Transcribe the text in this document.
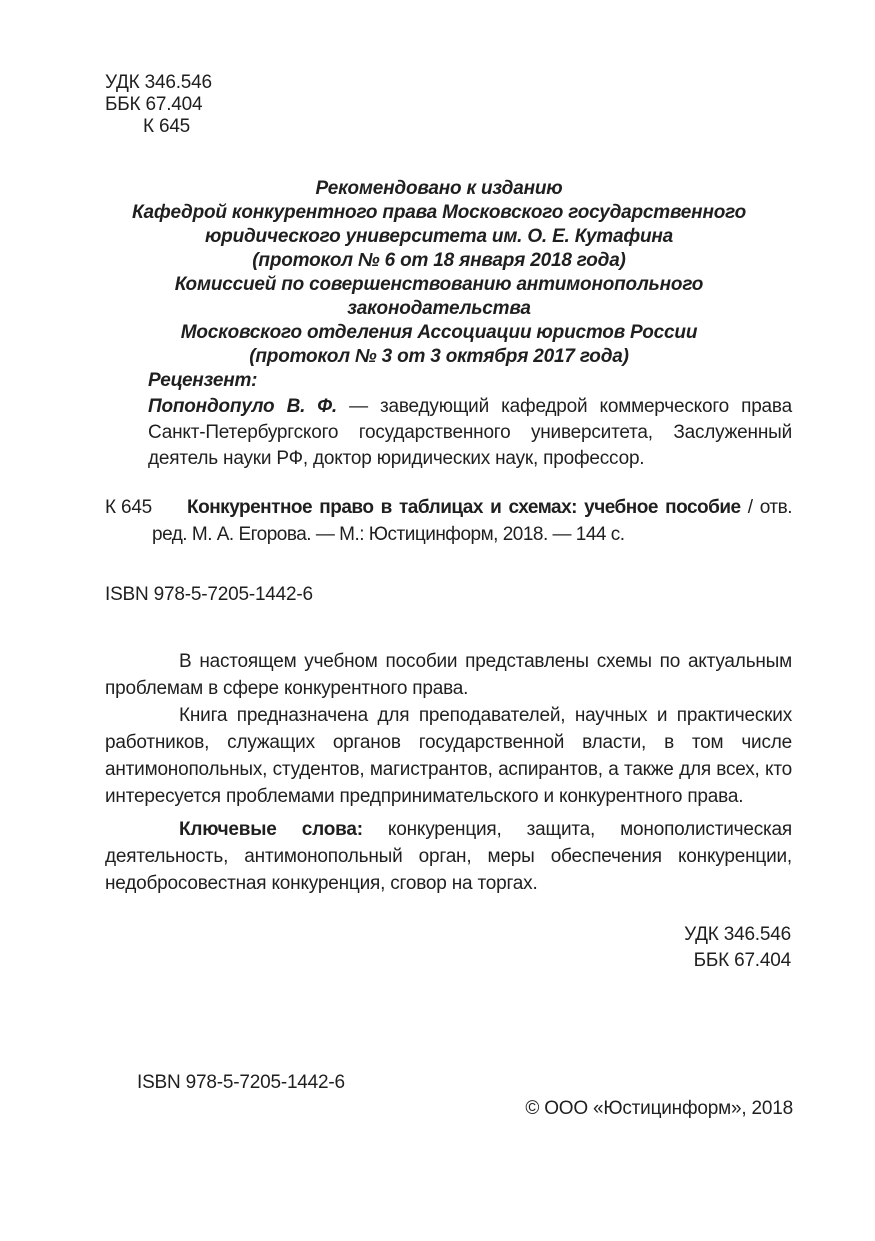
УДК 346.546
ББК 67.404
К 645
Рекомендовано к изданию
Кафедрой конкурентного права Московского государственного
юридического университета им. О. Е. Кутафина
(протокол № 6 от 18 января 2018 года)
Комиссией по совершенствованию антимонопольного законодательства
Московского отделения Ассоциации юристов России
(протокол № 3 от 3 октября 2017 года)
Рецензент:
Попондопуло В. Ф. — заведующий кафедрой коммерческого права Санкт-Петербургского государственного университета, Заслуженный деятель науки РФ, доктор юридических наук, профессор.
К 645	Конкурентное право в таблицах и схемах: учебное пособие / отв. ред. М. А. Егорова. — М.: Юстицинформ, 2018. — 144 с.

ISBN 978-5-7205-1442-6

В настоящем учебном пособии представлены схемы по актуальным проблемам в сфере конкурентного права.

Книга предназначена для преподавателей, научных и практических работников, служащих органов государственной власти, в том числе антимонопольных, студентов, магистрантов, аспирантов, а также для всех, кто интересуется проблемами предпринимательского и конкурентного права.

Ключевые слова: конкуренция, защита, монополистическая деятельность, антимонопольный орган, меры обеспечения конкуренции, недобросовестная конкуренция, сговор на торгах.
УДК 346.546
ББК 67.404
ISBN 978-5-7205-1442-6
© ООО «Юстицинформ», 2018
